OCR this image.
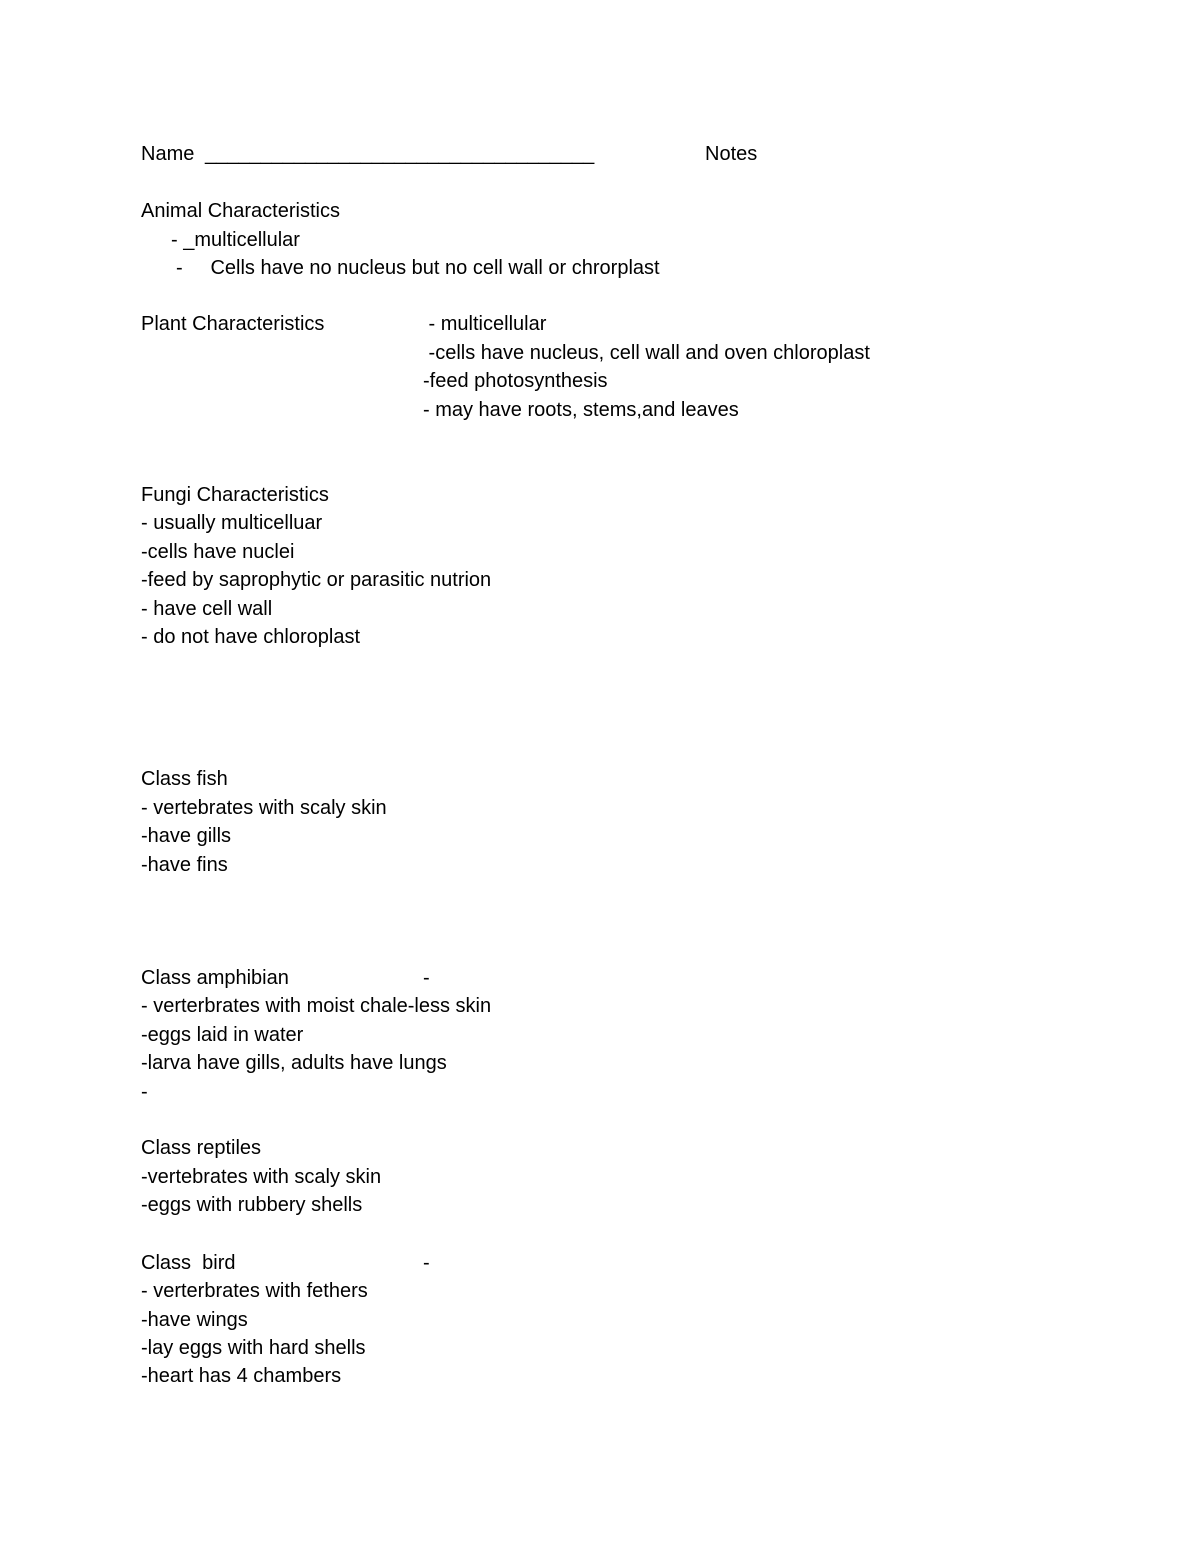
Name ___________________________________	Notes
Animal Characteristics
- _multicellular
-     Cells have no nucleus but no cell wall or chrorplast
Plant Characteristics	- multicellular
-cells have nucleus, cell wall and oven chloroplast
-feed photosynthesis
- may have roots, stems,and leaves
Fungi Characteristics
- usually multicelluar
-cells have nuclei
-feed by saprophytic or parasitic nutrion
- have cell wall
- do not have chloroplast
Class fish
- vertebrates with scaly skin
-have gills
-have fins
Class amphibian	-
- verterbrates with moist chale-less skin
-eggs laid in water
-larva have gills, adults have lungs
-
Class reptiles
-vertebrates with scaly skin
-eggs with rubbery shells
Class  bird	-
- verterbrates with fethers
-have wings
-lay eggs with hard shells
-heart has 4 chambers
